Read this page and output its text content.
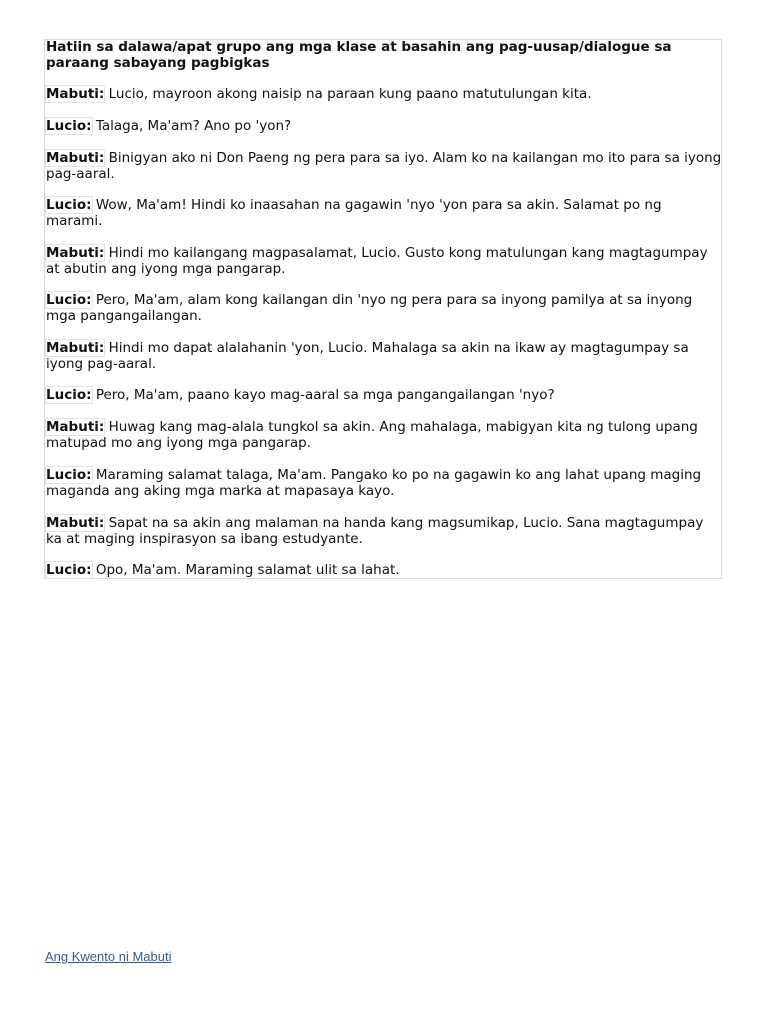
Hatiin sa dalawa/apat grupo ang mga klase at basahin ang pag-uusap/dialogue sa paraang sabayang pagbigkas

Mabuti: Lucio, mayroon akong naisip na paraan kung paano matutulungan kita.

Lucio: Talaga, Ma'am? Ano po 'yon?

Mabuti: Binigyan ako ni Don Paeng ng pera para sa iyo. Alam ko na kailangan mo ito para sa iyong pag-aaral.

Lucio: Wow, Ma'am! Hindi ko inaasahan na gagawin 'nyo 'yon para sa akin. Salamat po ng marami.

Mabuti: Hindi mo kailangang magpasalamat, Lucio. Gusto kong matulungan kang magtagumpay at abutin ang iyong mga pangarap.

Lucio: Pero, Ma'am, alam kong kailangan din 'nyo ng pera para sa inyong pamilya at sa inyong mga pangangailangan.

Mabuti: Hindi mo dapat alalahanin 'yon, Lucio. Mahalaga sa akin na ikaw ay magtagumpay sa iyong pag-aaral.

Lucio: Pero, Ma'am, paano kayo mag-aaral sa mga pangangailangan 'nyo?

Mabuti: Huwag kang mag-alala tungkol sa akin. Ang mahalaga, mabigyan kita ng tulong upang matupad mo ang iyong mga pangarap.

Lucio: Maraming salamat talaga, Ma'am. Pangako ko po na gagawin ko ang lahat upang maging maganda ang aking mga marka at mapasaya kayo.

Mabuti: Sapat na sa akin ang malaman na handa kang magsumikap, Lucio. Sana magtagumpay ka at maging inspirasyon sa ibang estudyante.

Lucio: Opo, Ma'am. Maraming salamat ulit sa lahat.

Ang Kwento ni Mabuti
